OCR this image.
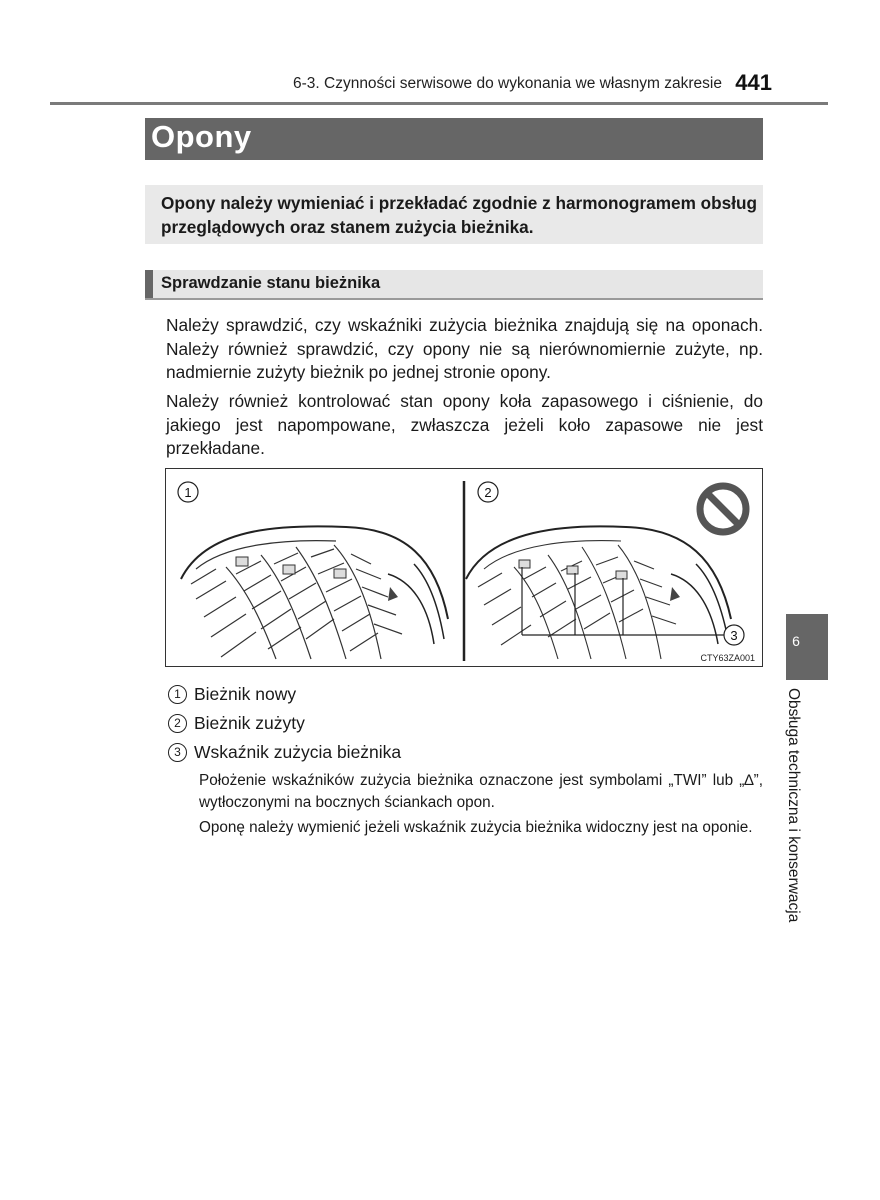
6-3. Czynności serwisowe do wykonania we własnym zakresie 441
Opony

Opony należy wymieniać i przekładać zgodnie z harmonogramem obsług przeglądowych oraz stanem zużycia bieżnika.

Sprawdzanie stanu bieżnika

Należy sprawdzić, czy wskaźniki zużycia bieżnika znajdują się na oponach. Należy również sprawdzić, czy opony nie są nierównomiernie zużyte, np. nadmiernie zużyty bieżnik po jednej stronie opony.

Należy również kontrolować stan opony koła zapasowego i ciśnienie, do jakiego jest napompowane, zwłaszcza jeżeli koło zapasowe nie jest przekładane.

1	2
3
CTY63ZA001
1 Bieżnik nowy
2 Bieżnik zużyty
3 Wskaźnik zużycia bieżnika

Położenie wskaźników zużycia bieżnika oznaczone jest symbolami „TWI” lub „∆”, wytłoczonymi na bocznych ściankach opon.

Oponę należy wymienić jeżeli wskaźnik zużycia bieżnika widoczny jest na oponie.

6
Obsługa techniczna i konserwacja
